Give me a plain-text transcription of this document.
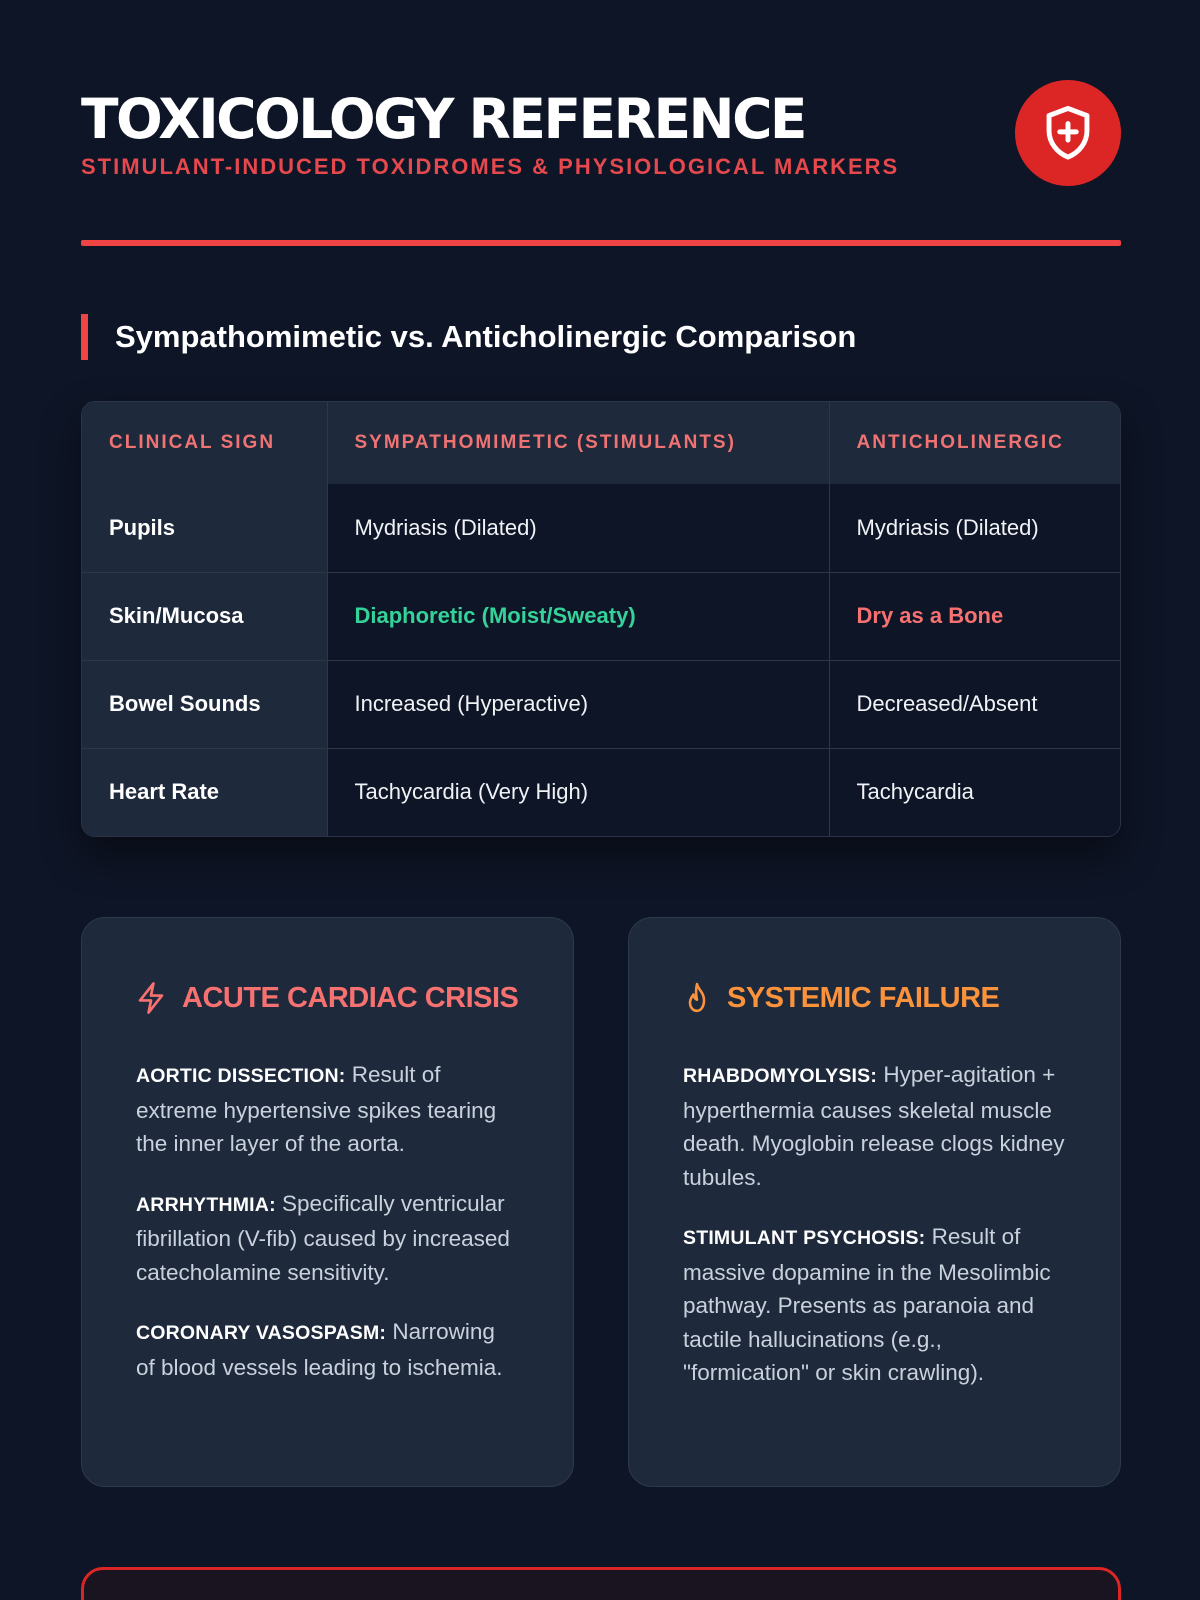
TOXICOLOGY REFERENCE
STIMULANT-INDUCED TOXIDROMES & PHYSIOLOGICAL MARKERS
Sympathomimetic vs. Anticholinergic Comparison
CLINICAL SIGN	SYMPATHOMIMETIC (STIMULANTS)	ANTICHOLINERGIC
Pupils	Mydriasis (Dilated)	Mydriasis (Dilated)
Skin/Mucosa	Diaphoretic (Moist/Sweaty)	Dry as a Bone
Bowel Sounds	Increased (Hyperactive)	Decreased/Absent
Heart Rate	Tachycardia (Very High)	Tachycardia
ACUTE CARDIAC CRISIS

AORTIC DISSECTION: Result of extreme hypertensive spikes tearing the inner layer of the aorta.

ARRHYTHMIA: Specifically ventricular fibrillation (V-fib) caused by increased catecholamine sensitivity.

CORONARY VASOSPASM: Narrowing of blood vessels leading to ischemia.

SYSTEMIC FAILURE

RHABDOMYOLYSIS: Hyper-agitation + hyperthermia causes skeletal muscle death. Myoglobin release clogs kidney tubules.

STIMULANT PSYCHOSIS: Result of massive dopamine in the Mesolimbic pathway. Presents as paranoia and tactile hallucinations (e.g., "formication" or skin crawling).
